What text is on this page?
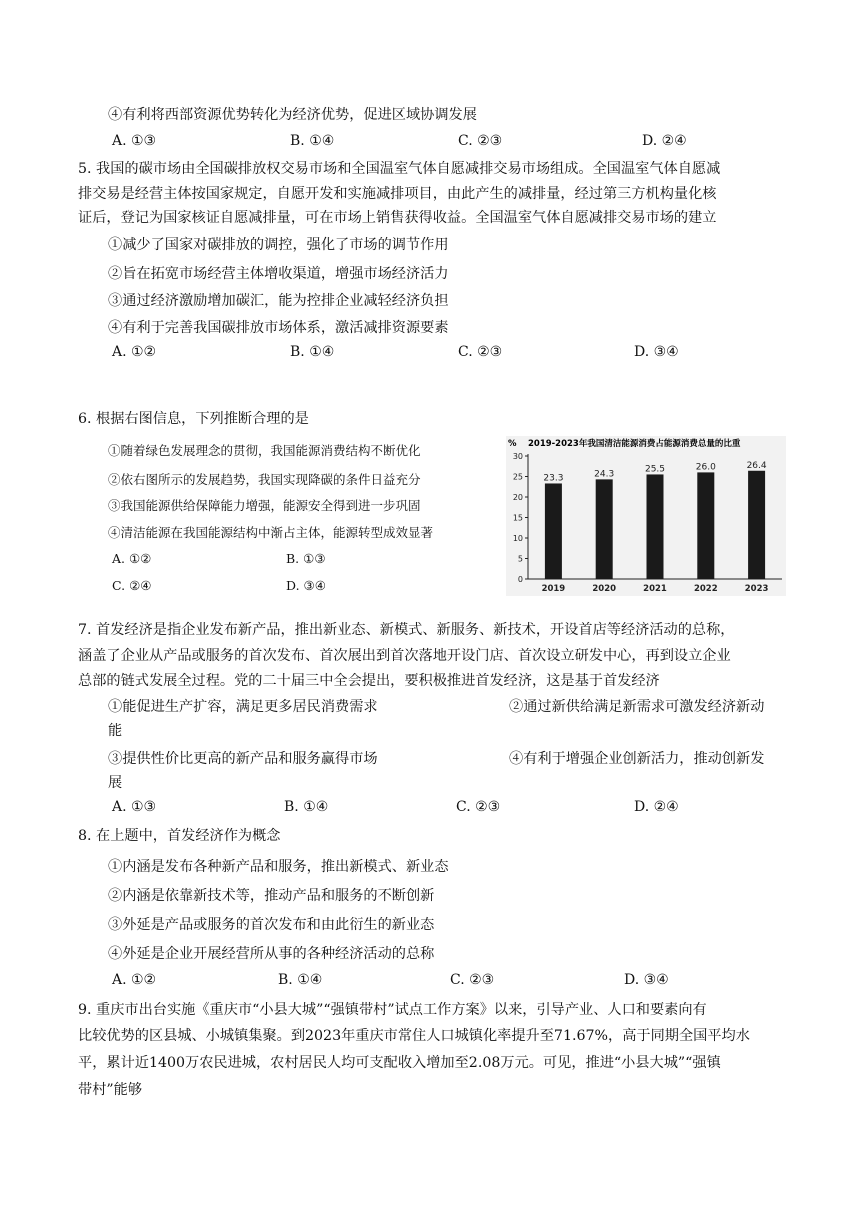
④有利将西部资源优势转化为经济优势，促进区域协调发展
A. ①③	B. ①④	C. ②③	D. ②④
5. 我国的碳市场由全国碳排放权交易市场和全国温室气体自愿减排交易市场组成。全国温室气体自愿减
排交易是经营主体按国家规定，自愿开发和实施减排项目，由此产生的减排量，经过第三方机构量化核
证后，登记为国家核证自愿减排量，可在市场上销售获得收益。全国温室气体自愿减排交易市场的建立
①减少了国家对碳排放的调控，强化了市场的调节作用
②旨在拓宽市场经营主体增收渠道，增强市场经济活力
③通过经济激励增加碳汇，能为控排企业减轻经济负担
④有利于完善我国碳排放市场体系，激活减排资源要素
A. ①②	B. ①④	C. ②③	D. ③④
6. 根据右图信息，下列推断合理的是
①随着绿色发展理念的贯彻，我国能源消费结构不断优化
②依右图所示的发展趋势，我国实现降碳的条件日益充分
③我国能源供给保障能力增强，能源安全得到进一步巩固
④清洁能源在我国能源结构中渐占主体，能源转型成效显著
A. ①②	B. ①③
C. ②④	D. ③④
% 2019-2023年我国清洁能源消费占能源消费总量的比重
0
5
10
15
20
25
30
23.3
2019
24.3
2020
25.5
2021
26.0
2022
26.4
2023
7. 首发经济是指企业发布新产品，推出新业态、新模式、新服务、新技术，开设首店等经济活动的总称，
涵盖了企业从产品或服务的首次发布、首次展出到首次落地开设门店、首次设立研发中心，再到设立企业
总部的链式发展全过程。党的二十届三中全会提出，要积极推进首发经济，这是基于首发经济
①能促进生产扩容，满足更多居民消费需求	②通过新供给满足新需求可激发经济新动
能
③提供性价比更高的新产品和服务赢得市场	④有利于增强企业创新活力，推动创新发
展
A. ①③	B. ①④	C. ②③	D. ②④
8. 在上题中，首发经济作为概念
①内涵是发布各种新产品和服务，推出新模式、新业态
②内涵是依靠新技术等，推动产品和服务的不断创新
③外延是产品或服务的首次发布和由此衍生的新业态
④外延是企业开展经营所从事的各种经济活动的总称
A. ①②	B. ①④	C. ②③	D. ③④
9. 重庆市出台实施《重庆市“小县大城”“强镇带村”试点工作方案》以来，引导产业、人口和要素向有
比较优势的区县城、小城镇集聚。到2023年重庆市常住人口城镇化率提升至71.67%，高于同期全国平均水
平，累计近1400万农民进城，农村居民人均可支配收入增加至2.08万元。可见，推进“小县大城”“强镇
带村”能够
